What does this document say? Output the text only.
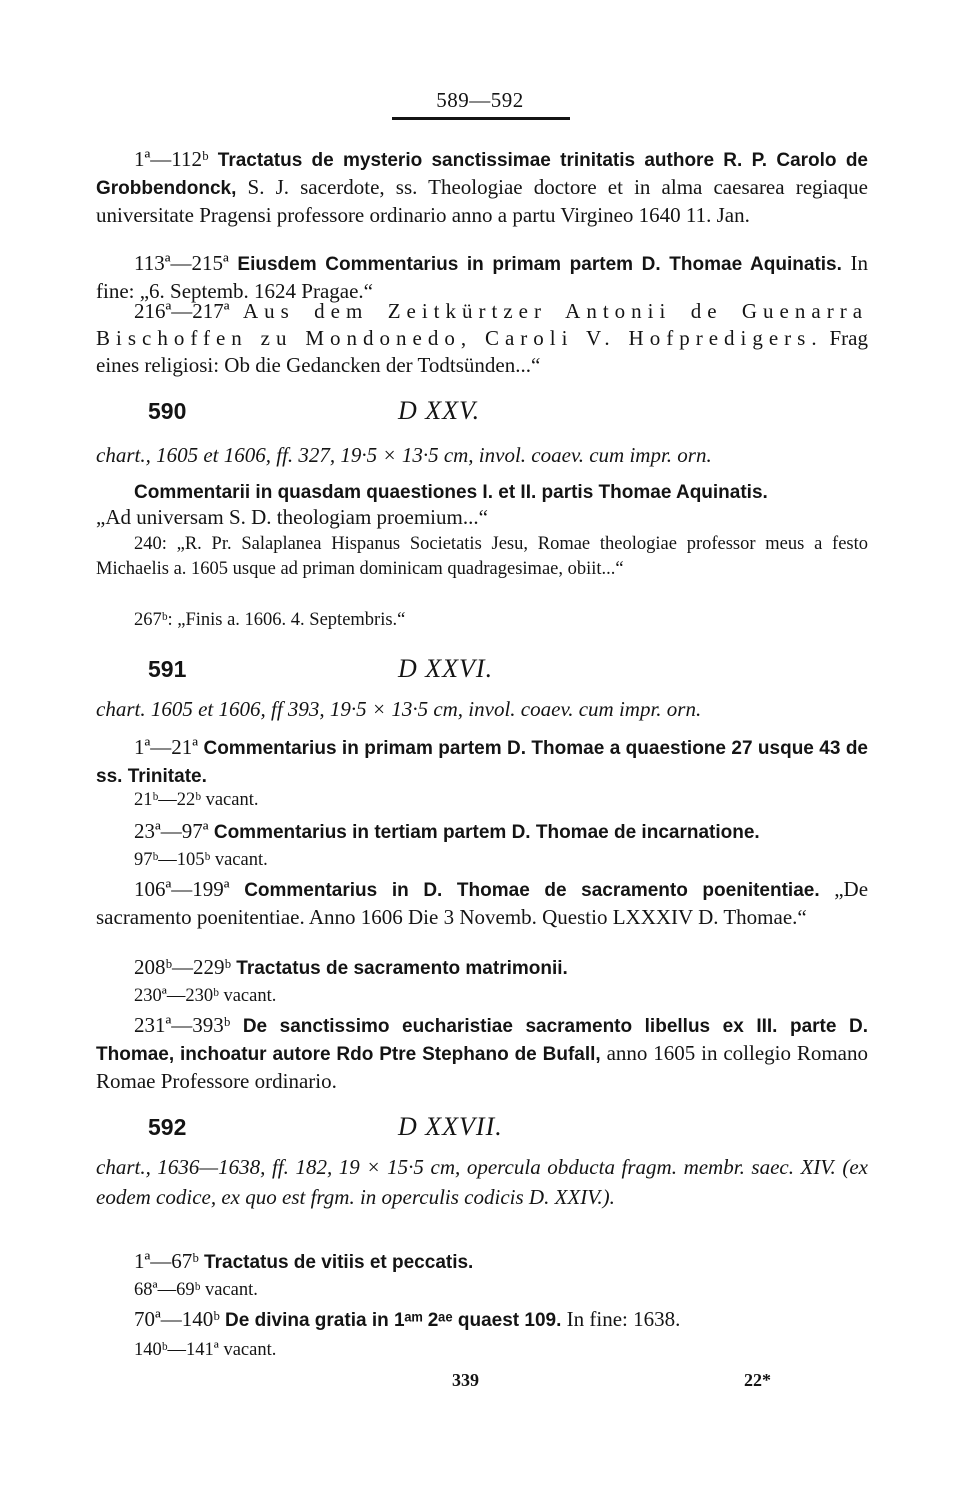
589—592
1ª—112ᵇ Tractatus de mysterio sanctissimae trinitatis authore R. P. Carolo de Grobbendonck, S. J. sacerdote, ss. Theologiae doctore et in alma caesarea regiaque universitate Pragensi professore ordinario anno a partu Virgineo 1640 11. Jan.
113ª—215ª Eiusdem Commentarius in primam partem D. Thomae Aquinatis. In fine: „6. Septemb. 1624 Pragae.“
216ª—217ª Aus dem Zeitkürtzer Antonii de Guenarra Bischoffen zu Mondonedo, Caroli V. Hofpredigers. Frag eines religiosi: Ob die Gedancken der Todtsünden...“
590	D XXV.
chart., 1605 et 1606, ff. 327, 19·5 × 13·5 cm, invol. coaev. cum impr. orn.
Commentarii in quasdam quaestiones I. et II. partis Thomae Aquinatis.
„Ad universam S. D. theologiam proemium...“
240: „R. Pr. Salaplanea Hispanus Societatis Jesu, Romae theologiae professor meus a festo Michaelis a. 1605 usque ad priman dominicam quadragesimae, obiit...“
267ᵇ: „Finis a. 1606. 4. Septembris.“
591	D XXVI.
chart. 1605 et 1606, ff 393, 19·5 × 13·5 cm, invol. coaev. cum impr. orn.
1ª—21ª Commentarius in primam partem D. Thomae a quaestione 27 usque 43 de ss. Trinitate.
21ᵇ—22ᵇ vacant.
23ª—97ª Commentarius in tertiam partem D. Thomae de incarnatione.
97ᵇ—105ᵇ vacant.
106ª—199ª Commentarius in D. Thomae de sacramento poenitentiae. „De sacramento poenitentiae. Anno 1606 Die 3 Novemb. Questio LXXXIV D. Thomae.“
208ᵇ—229ᵇ Tractatus de sacramento matrimonii.
230ª—230ᵇ vacant.
231ª—393ᵇ De sanctissimo eucharistiae sacramento libellus ex III. parte D. Thomae, inchoatur autore Rdo Ptre Stephano de Bufall, anno 1605 in collegio Romano Romae Professore ordinario.
592	D XXVII.
chart., 1636—1638, ff. 182, 19 × 15·5 cm, opercula obducta fragm. membr. saec. XIV. (ex eodem codice, ex quo est frgm. in operculis codicis D. XXIV.).
1ª—67ᵇ Tractatus de vitiis et peccatis.
68ª—69ᵇ vacant.
70ª—140ᵇ De divina gratia in 1ᵃᵐ 2ᵃᵉ quaest 109. In fine: 1638.
140ᵇ—141ª vacant.
339	22*
